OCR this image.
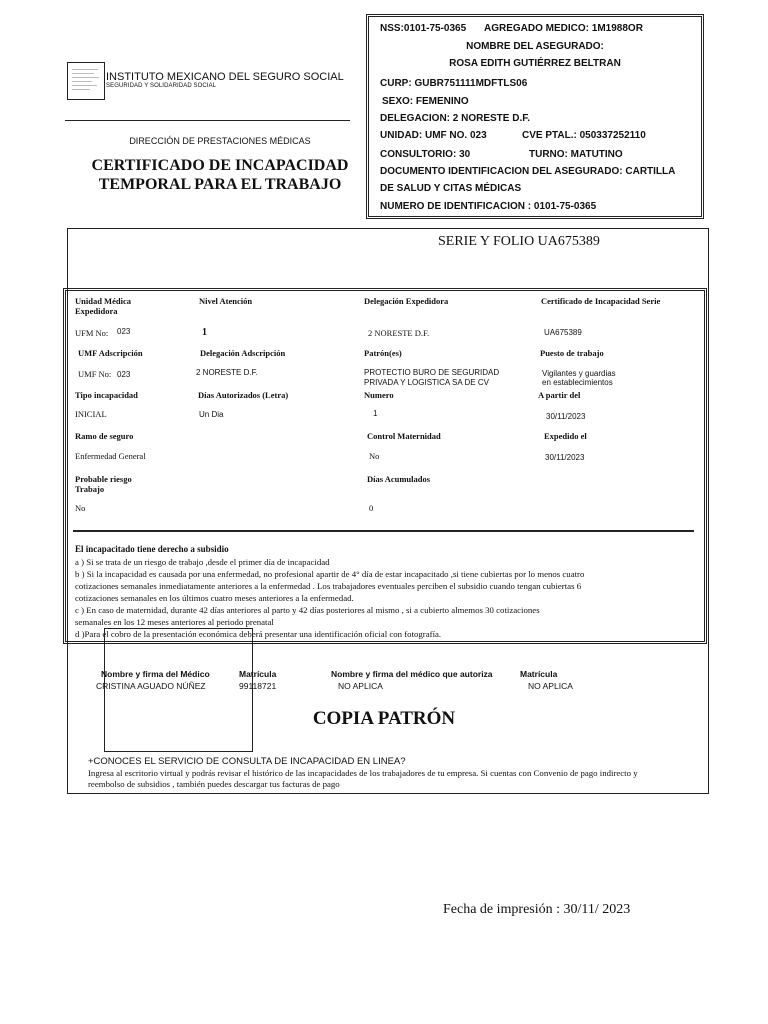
INSTITUTO MEXICANO DEL SEGURO SOCIAL
SEGURIDAD Y SOLIDARIDAD SOCIAL
DIRECCIÓN DE PRESTACIONES MÉDICAS
CERTIFICADO DE INCAPACIDAD
TEMPORAL PARA EL TRABAJO
NSS:0101-75-0365 AGREGADO MEDICO: 1M1988OR
NOMBRE DEL ASEGURADO:
ROSA EDITH GUTIÉRREZ BELTRAN
CURP: GUBR751111MDFTLS06
SEXO: FEMENINO
DELEGACION: 2 NORESTE D.F.
UNIDAD: UMF NO. 023	CVE PTAL.: 050337252110
CONSULTORIO: 30	TURNO: MATUTINO
DOCUMENTO IDENTIFICACION DEL ASEGURADO: CARTILLA
DE SALUD Y CITAS MÉDICAS
NUMERO DE IDENTIFICACION : 0101-75-0365
SERIE Y FOLIO UA675389
Unidad Médica Expedidora
UFM No: 023
Nivel Atención
1
Delegación Expedidora
2 NORESTE D.F.
Certificado de Incapacidad Serie
UA675389
UMF Adscripción
UMF No: 023
Delegación Adscripción
2 NORESTE D.F.
Patrón(es)
PROTECTIO BURO DE SEGURIDAD
PRIVADA Y LOGISTICA SA DE CV
Puesto de trabajo
Vigilantes y guardias
en establecimientos
Tipo incapacidad
INICIAL
Días Autorizados (Letra)
Un Dia
Numero
1
A partir del
30/11/2023
Ramo de seguro
Enfermedad General
Control Maternidad
No
Expedido el
30/11/2023
Probable riesgo
Trabajo
No
Días Acumulados
0
El incapacitado tiene derecho a subsidio
a ) Si se trata de un riesgo de trabajo ,desde el primer día de incapacidad
b ) Si la incapacidad es causada por una enfermedad, no profesional apartir de 4° día de estar incapacitado ,si tiene cubiertas por lo menos cuatro
cotizaciones semanales inmediatamente anteriores a la enfermedad . Los trabajadores eventuales perciben el subsidio cuando tengan cubiertas 6
cotizaciones semanales en los últimos cuatro meses anteriores a la enfermedad.
c ) En caso de maternidad, durante 42 días anteriores al parto y 42 días posteriores al mismo , si a cubierto almemos 30 cotizaciones
semanales en los 12 meses anteriores al periodo prenatal
d )Para el cobro de la presentación económica deberá presentar una identificación oficial con fotografía.
Nombre y firma del Médico
CRISTINA AGUADO NÚÑEZ
Matrícula
99118721
Nombre y firma del médico que autoriza
NO APLICA
Matrícula
NO APLICA
COPIA PATRÓN
+CONOCES EL SERVICIO DE CONSULTA DE INCAPACIDAD EN LINEA?
Ingresa al escritorio virtual y podrás revisar el histórico de las incapacidades de los trabajadores de tu empresa. Si cuentas con Convenio de pago indirecto y
reembolso de subsidios , también puedes descargar tus facturas de pago
Fecha de impresión : 30/11/ 2023
